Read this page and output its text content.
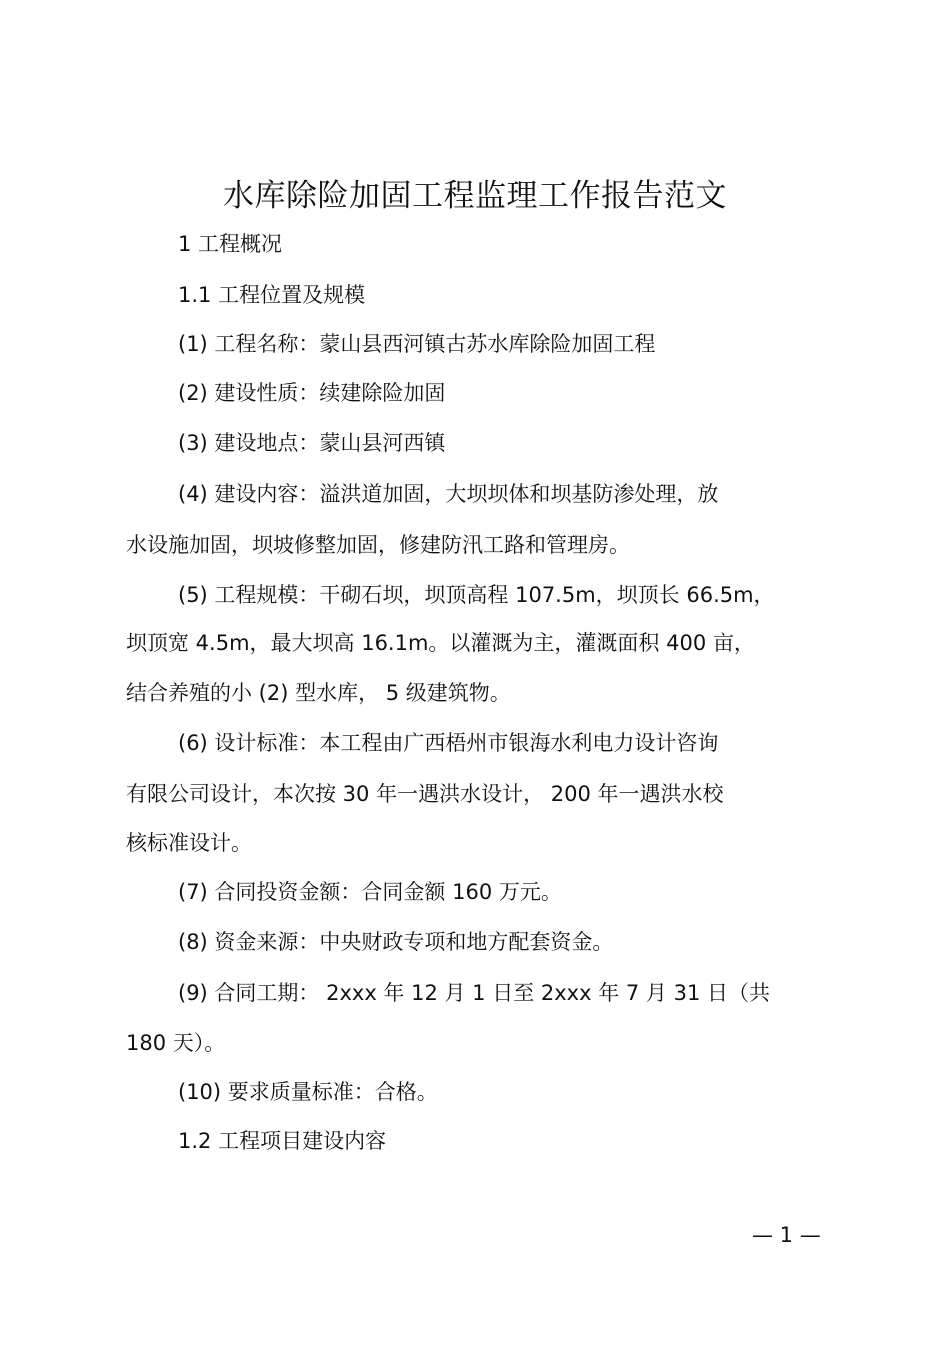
水库除险加固工程监理工作报告范文

1 工程概况

1.1 工程位置及规模

(1) 工程名称：蒙山县西河镇古苏水库除险加固工程

(2) 建设性质：续建除险加固

(3) 建设地点：蒙山县河西镇

(4) 建设内容：溢洪道加固，大坝坝体和坝基防渗处理，放

水设施加固，坝坡修整加固，修建防汛工路和管理房。

(5) 工程规模：干砌石坝，坝顶高程 107.5m，坝顶长 66.5m，

坝顶宽 4.5m，最大坝高 16.1m。以灌溉为主，灌溉面积 400 亩，

结合养殖的小 (2) 型水库， 5 级建筑物。

(6) 设计标准：本工程由广西梧州市银海水利电力设计咨询

有限公司设计，本次按 30 年一遇洪水设计， 200 年一遇洪水校

核标准设计。

(7) 合同投资金额：合同金额 160 万元。

(8) 资金来源：中央财政专项和地方配套资金。

(9) 合同工期： 2xxx 年 12 月 1 日至 2xxx 年 7 月 31 日（共

180 天）。

(10) 要求质量标准：合格。

1.2 工程项目建设内容

— 1 —
